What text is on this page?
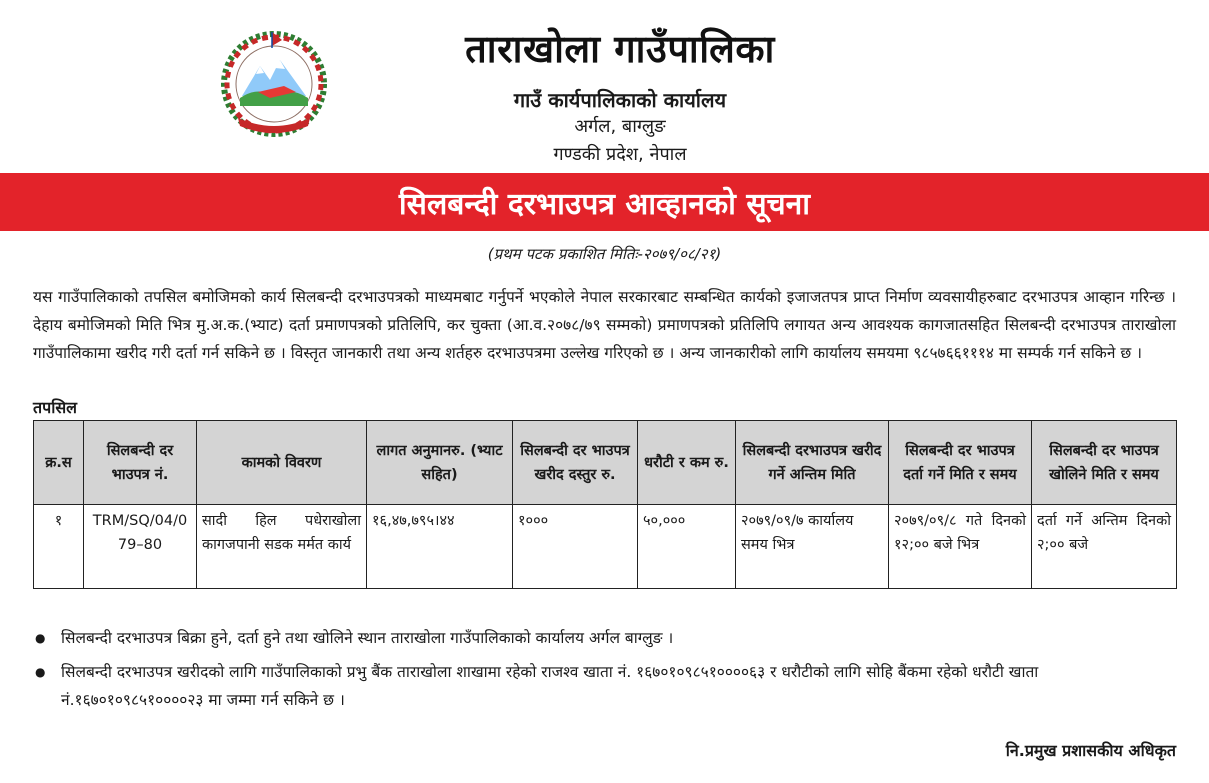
ताराखोला गाउँपालिका
गाउँ कार्यपालिकाको कार्यालय
अर्गल, बाग्लुङ
गण्डकी प्रदेश, नेपाल
सिलबन्दी दरभाउपत्र आव्हानको सूचना
(प्रथम पटक प्रकाशित मितिः-२०७९/०८/२१)

यस गाउँपालिकाको तपसिल बमोजिमको कार्य सिलबन्दी दरभाउपत्रको माध्यमबाट गर्नुपर्ने भएकोले नेपाल सरकारबाट सम्बन्धित कार्यको इजाजतपत्र प्राप्त निर्माण व्यवसायीहरुबाट दरभाउपत्र आव्हान गरिन्छ । देहाय बमोजिमको मिति भित्र मु.अ.क.(भ्याट) दर्ता प्रमाणपत्रको प्रतिलिपि, कर चुक्ता (आ.व.२०७८/७९ सम्मको) प्रमाणपत्रको प्रतिलिपि लगायत अन्य आवश्यक कागजातसहित सिलबन्दी दरभाउपत्र ताराखोला गाउँपालिकामा खरीद गरी दर्ता गर्न सकिने छ । विस्तृत जानकारी तथा अन्य शर्तहरु दरभाउपत्रमा उल्लेख गरिएको छ । अन्य जानकारीको लागि कार्यालय समयमा ९८५७६६१११४ मा सम्पर्क गर्न सकिने छ ।

तपसिल
क्र.स	सिलबन्दी दर भाउपत्र नं.	कामको विवरण	लागत अनुमानरु. (भ्याट सहित)	सिलबन्दी दर भाउपत्र खरीद दस्तुर रु.	धरौटी र कम रु.	सिलबन्दी दरभाउपत्र खरीद गर्ने अन्तिम मिति	सिलबन्दी दर भाउपत्र दर्ता गर्ने मिति र समय	सिलबन्दी दर भाउपत्र खोलिने मिति र समय
१	TRM/SQ/04/079–80	सादी हिल पधेराखोला कागजपानी सडक मर्मत कार्य	१६,४७,७९५।४४	१०००	५०,०००	२०७९/०९/७ कार्यालय समय भित्र	२०७९/०९/८ गते दिनको १२;०० बजे भित्र	दर्ता गर्ने अन्तिम दिनको २;०० बजे
● सिलबन्दी दरभाउपत्र बिक्रा हुने, दर्ता हुने तथा खोलिने स्थान ताराखोला गाउँपालिकाको कार्यालय अर्गल बाग्लुङ ।
● सिलबन्दी दरभाउपत्र खरीदको लागि गाउँपालिकाको प्रभु बैंक ताराखोला शाखामा रहेको राजश्व खाता नं. १६७०१०९८५१००००६३ र धरौटीको लागि सोहि बैंकमा रहेको धरौटी खाता नं.१६७०१०९८५१००००२३ मा जम्मा गर्न सकिने छ ।
नि.प्रमुख प्रशासकीय अधिकृत
